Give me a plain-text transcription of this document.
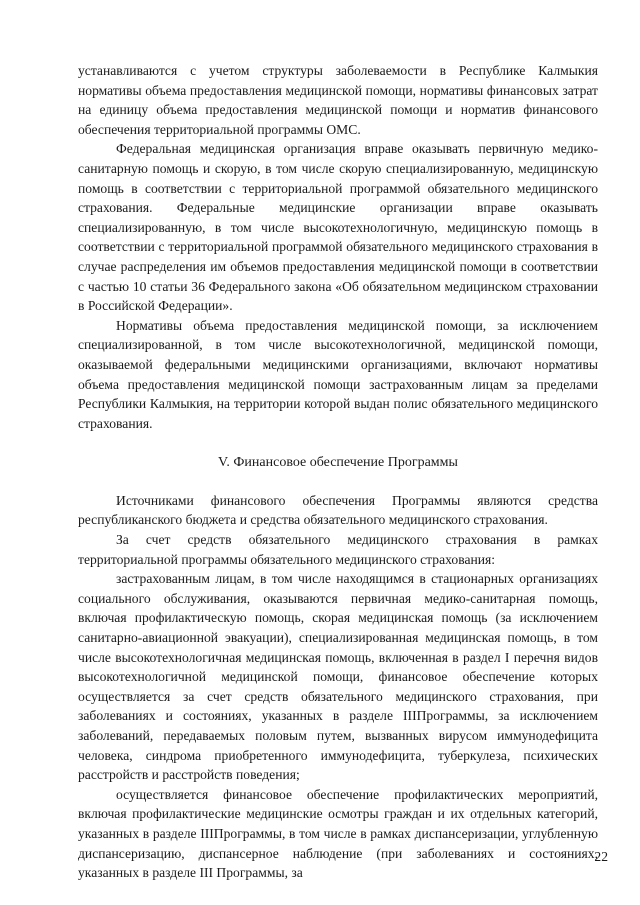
устанавливаются с учетом структуры заболеваемости в Республике Калмыкия нормативы объема предоставления медицинской помощи, нормативы финансовых затрат на единицу объема предоставления медицинской помощи и норматив финансового обеспечения территориальной программы ОМС.

Федеральная медицинская организация вправе оказывать первичную медико-санитарную помощь и скорую, в том числе скорую специализированную, медицинскую помощь в соответствии с территориальной программой обязательного медицинского страхования. Федеральные медицинские организации вправе оказывать специализированную, в том числе высокотехнологичную, медицинскую помощь в соответствии с территориальной программой обязательного медицинского страхования в случае распределения им объемов предоставления медицинской помощи в соответствии с частью 10 статьи 36 Федерального закона «Об обязательном медицинском страховании в Российской Федерации».

Нормативы объема предоставления медицинской помощи, за исключением специализированной, в том числе высокотехнологичной, медицинской помощи, оказываемой федеральными медицинскими организациями, включают нормативы объема предоставления медицинской помощи застрахованным лицам за пределами Республики Калмыкия, на территории которой выдан полис обязательного медицинского страхования.

V. Финансовое обеспечение Программы

Источниками финансового обеспечения Программы являются средства республиканского бюджета и средства обязательного медицинского страхования.

За счет средств обязательного медицинского страхования в рамках территориальной программы обязательного медицинского страхования:

застрахованным лицам, в том числе находящимся в стационарных организациях социального обслуживания, оказываются первичная медико-санитарная помощь, включая профилактическую помощь, скорая медицинская помощь (за исключением санитарно-авиационной эвакуации), специализированная медицинская помощь, в том числе высокотехнологичная медицинская помощь, включенная в раздел I перечня видов высокотехнологичной медицинской помощи, финансовое обеспечение которых осуществляется за счет средств обязательного медицинского страхования, при заболеваниях и состояниях, указанных в разделе IIIПрограммы, за исключением заболеваний, передаваемых половым путем, вызванных вирусом иммунодефицита человека, синдрома приобретенного иммунодефицита, туберкулеза, психических расстройств и расстройств поведения;

осуществляется финансовое обеспечение профилактических мероприятий, включая профилактические медицинские осмотры граждан и их отдельных категорий, указанных в разделе IIIПрограммы, в том числе в рамках диспансеризации, углубленную диспансеризацию, диспансерное наблюдение (при заболеваниях и состояниях, указанных в разделе III Программы, за

22
